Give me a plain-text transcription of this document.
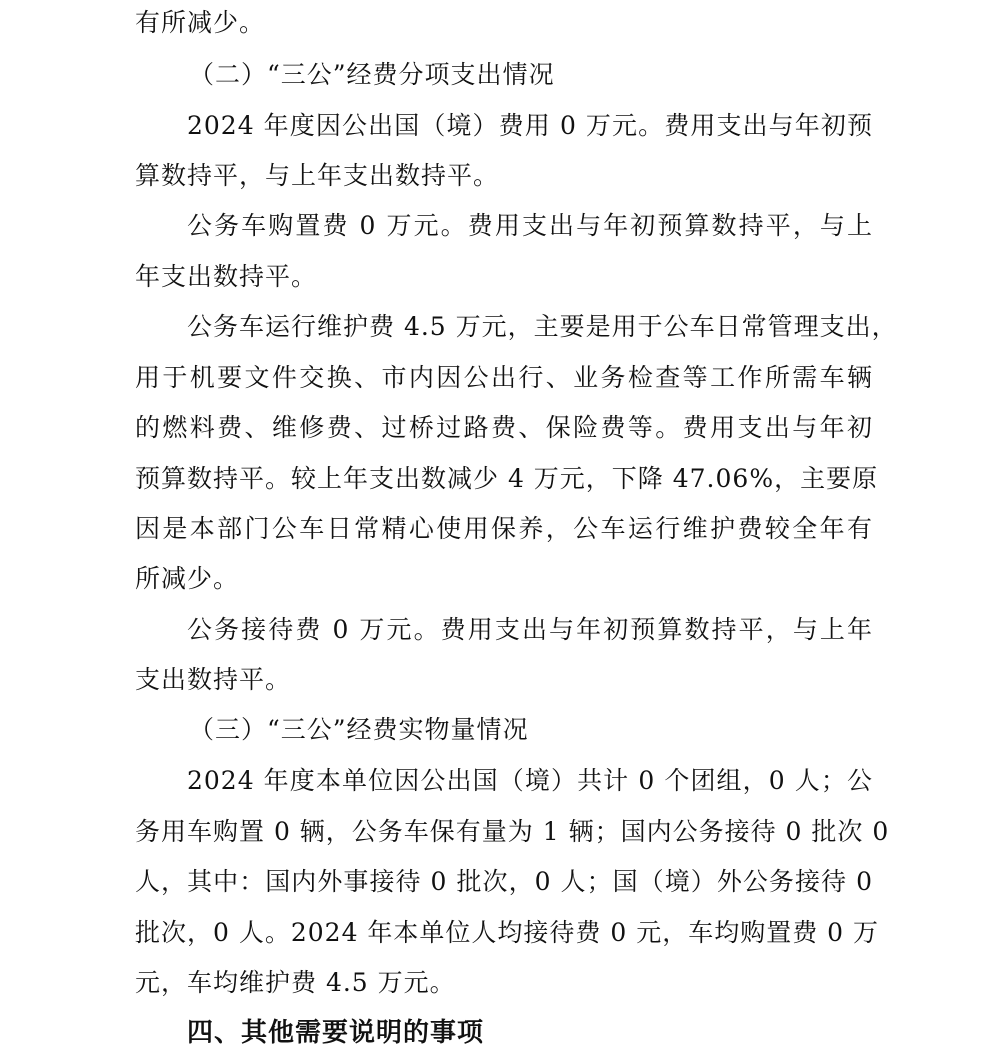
有所减少。
（二）“三公”经费分项支出情况
2024 年度因公出国（境）费用 0 万元。费用支出与年初预
算数持平，与上年支出数持平。
公务车购置费 0 万元。费用支出与年初预算数持平，与上
年支出数持平。
公务车运行维护费 4.5 万元，主要是用于公车日常管理支出，
用于机要文件交换、市内因公出行、业务检查等工作所需车辆
的燃料费、维修费、过桥过路费、保险费等。费用支出与年初
预算数持平。较上年支出数减少 4 万元，下降 47.06%，主要原
因是本部门公车日常精心使用保养，公车运行维护费较全年有
所减少。
公务接待费 0 万元。费用支出与年初预算数持平，与上年
支出数持平。
（三）“三公”经费实物量情况
2024 年度本单位因公出国（境）共计 0 个团组，0 人；公
务用车购置 0 辆，公务车保有量为 1 辆；国内公务接待 0 批次 0
人，其中：国内外事接待 0 批次，0 人；国（境）外公务接待 0
批次，0 人。2024 年本单位人均接待费 0 元，车均购置费 0 万
元，车均维护费 4.5 万元。
四、其他需要说明的事项
